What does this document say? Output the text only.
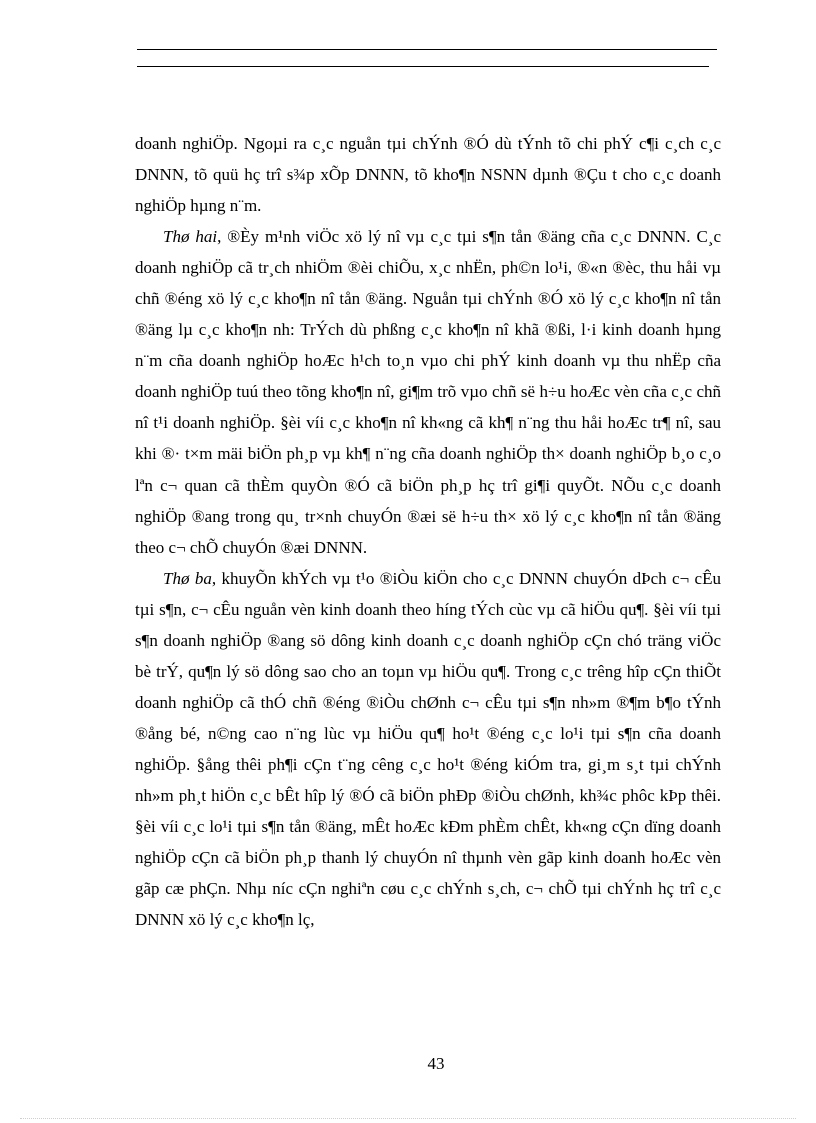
doanh nghiÖp. Ngoµi ra c¸c nguån tµi chÝnh ®Ó dù tÝnh tõ chi phÝ c¶i c¸ch c¸c DNNN, tõ quü hç trî s¾p xÕp DNNN, tõ kho¶n NSNN dµnh ®Çu t cho c¸c doanh nghiÖp hµng n¨m.

Thø hai, ®Èy m¹nh viÖc xö lý nî vµ c¸c tµi s¶n tån ®äng cña c¸c DNNN. C¸c doanh nghiÖp cã tr¸ch nhiÖm ®èi chiÕu, x¸c nhËn, ph©n lo¹i, ®«n ®èc, thu håi vµ chñ ®éng xö lý c¸c kho¶n nî tån ®äng. Nguån tµi chÝnh ®Ó xö lý c¸c kho¶n nî tån ®äng lµ c¸c kho¶n nh: TrÝch dù phßng c¸c kho¶n nî khã ®ßi, l·i kinh doanh hµng n¨m cña doanh nghiÖp hoÆc h¹ch to¸n vµo chi phÝ kinh doanh vµ thu nhËp cña doanh nghiÖp tuú theo tõng kho¶n nî, gi¶m trõ vµo chñ së h÷u hoÆc vèn cña c¸c chñ nî t¹i doanh nghiÖp. §èi víi c¸c kho¶n nî kh«ng cã kh¶ n¨ng thu håi hoÆc tr¶ nî, sau khi ®· t×m mäi biÖn ph¸p vµ kh¶ n¨ng cña doanh nghiÖp th× doanh nghiÖp b¸o c¸o lªn c¬ quan cã thÈm quyÒn ®Ó cã biÖn ph¸p hç trî gi¶i quyÕt. NÕu c¸c doanh nghiÖp ®ang trong qu¸ tr×nh chuyÓn ®æi së h÷u th× xö lý c¸c kho¶n nî tån ®äng theo c¬ chÕ chuyÓn ®æi DNNN.

Thø ba, khuyÕn khÝch vµ t¹o ®iÒu kiÖn cho c¸c DNNN chuyÓn dÞch c¬ cÊu tµi s¶n, c¬ cÊu nguån vèn kinh doanh theo híng tÝch cùc vµ cã hiÖu qu¶. §èi víi tµi s¶n doanh nghiÖp ®ang sö dông kinh doanh c¸c doanh nghiÖp cÇn chó träng viÖc bè trÝ, qu¶n lý sö dông sao cho an toµn vµ hiÖu qu¶. Trong c¸c trêng hîp cÇn thiÕt doanh nghiÖp cã thÓ chñ ®éng ®iÒu chØnh c¬ cÊu tµi s¶n nh»m ®¶m b¶o tÝnh ®ång bé, n©ng cao n¨ng lùc vµ hiÖu qu¶ ho¹t ®éng c¸c lo¹i tµi s¶n cña doanh nghiÖp. §ång thêi ph¶i cÇn t¨ng cêng c¸c ho¹t ®éng kiÓm tra, gi¸m s¸t tµi chÝnh nh»m ph¸t hiÖn c¸c bÊt hîp lý ®Ó cã biÖn phÐp ®iÒu chØnh, kh¾c phôc kÞp thêi. §èi víi c¸c lo¹i tµi s¶n tån ®äng, mÊt hoÆc kÐm phÈm chÊt, kh«ng cÇn dïng doanh nghiÖp cÇn cã biÖn ph¸p thanh lý chuyÓn nî thµnh vèn gãp kinh doanh hoÆc vèn gãp cæ phÇn. Nhµ níc cÇn nghiªn cøu c¸c chÝnh s¸ch, c¬ chÕ tµi chÝnh hç trî c¸c DNNN xö lý c¸c kho¶n lç,

43
